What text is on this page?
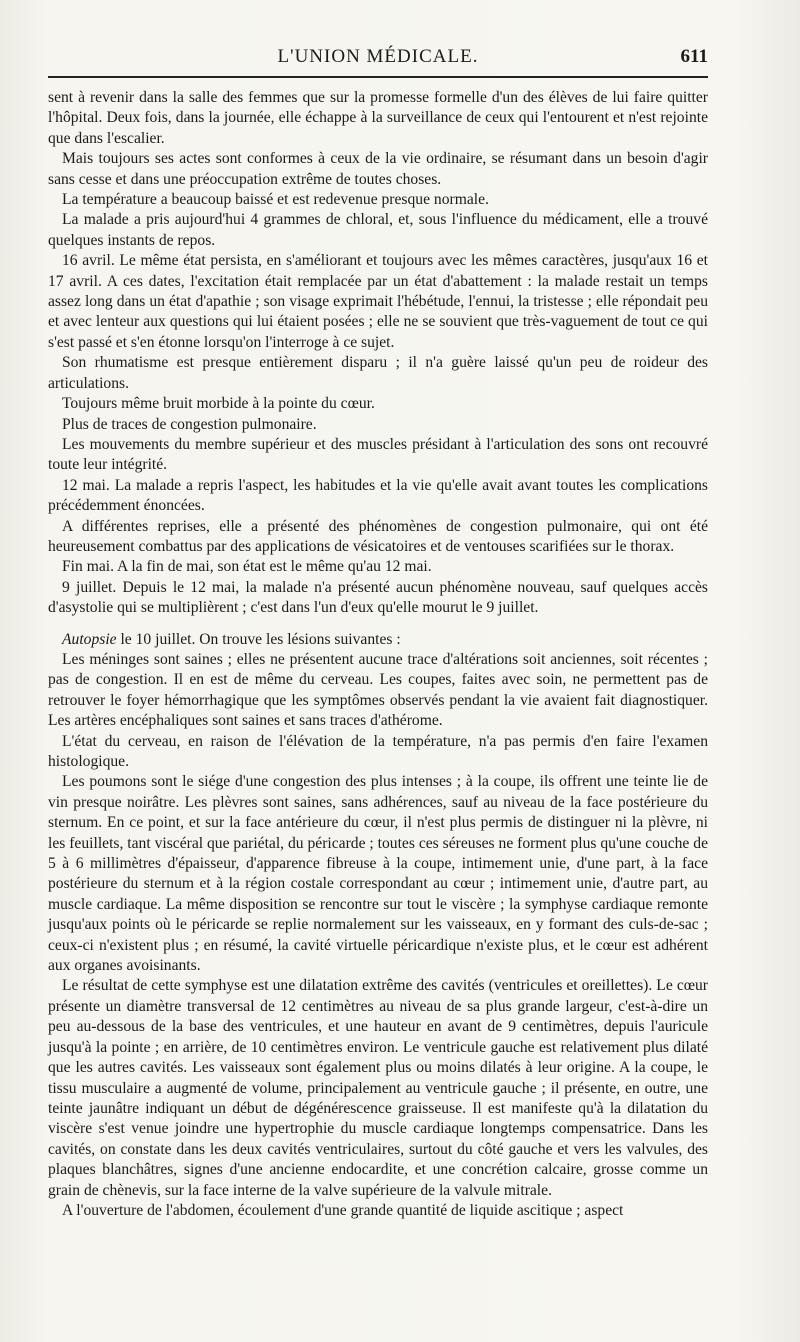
L'UNION MÉDICALE.	611

sent à revenir dans la salle des femmes que sur la promesse formelle d'un des élèves de lui faire quitter l'hôpital. Deux fois, dans la journée, elle échappe à la surveillance de ceux qui l'entourent et n'est rejointe que dans l'escalier.

Mais toujours ses actes sont conformes à ceux de la vie ordinaire, se résumant dans un besoin d'agir sans cesse et dans une préoccupation extrême de toutes choses.

La température a beaucoup baissé et est redevenue presque normale.

La malade a pris aujourd'hui 4 grammes de chloral, et, sous l'influence du médicament, elle a trouvé quelques instants de repos.

16 avril. Le même état persista, en s'améliorant et toujours avec les mêmes caractères, jusqu'aux 16 et 17 avril. A ces dates, l'excitation était remplacée par un état d'abattement : la malade restait un temps assez long dans un état d'apathie ; son visage exprimait l'hébétude, l'ennui, la tristesse ; elle répondait peu et avec lenteur aux questions qui lui étaient posées ; elle ne se souvient que très-vaguement de tout ce qui s'est passé et s'en étonne lorsqu'on l'interroge à ce sujet.

Son rhumatisme est presque entièrement disparu ; il n'a guère laissé qu'un peu de roideur des articulations.

Toujours même bruit morbide à la pointe du cœur.

Plus de traces de congestion pulmonaire.

Les mouvements du membre supérieur et des muscles présidant à l'articulation des sons ont recouvré toute leur intégrité.

12 mai. La malade a repris l'aspect, les habitudes et la vie qu'elle avait avant toutes les complications précédemment énoncées.

A différentes reprises, elle a présenté des phénomènes de congestion pulmonaire, qui ont été heureusement combattus par des applications de vésicatoires et de ventouses scarifiées sur le thorax.

Fin mai. A la fin de mai, son état est le même qu'au 12 mai.

9 juillet. Depuis le 12 mai, la malade n'a présenté aucun phénomène nouveau, sauf quelques accès d'asystolie qui se multiplièrent ; c'est dans l'un d'eux qu'elle mourut le 9 juillet.

Autopsie le 10 juillet. On trouve les lésions suivantes :

Les méninges sont saines ; elles ne présentent aucune trace d'altérations soit anciennes, soit récentes ; pas de congestion. Il en est de même du cerveau. Les coupes, faites avec soin, ne permettent pas de retrouver le foyer hémorrhagique que les symptômes observés pendant la vie avaient fait diagnostiquer. Les artères encéphaliques sont saines et sans traces d'athérome.

L'état du cerveau, en raison de l'élévation de la température, n'a pas permis d'en faire l'examen histologique.

Les poumons sont le siége d'une congestion des plus intenses ; à la coupe, ils offrent une teinte lie de vin presque noirâtre. Les plèvres sont saines, sans adhérences, sauf au niveau de la face postérieure du sternum. En ce point, et sur la face antérieure du cœur, il n'est plus permis de distinguer ni la plèvre, ni les feuillets, tant viscéral que pariétal, du péricarde ; toutes ces séreuses ne forment plus qu'une couche de 5 à 6 millimètres d'épaisseur, d'apparence fibreuse à la coupe, intimement unie, d'une part, à la face postérieure du sternum et à la région costale correspondant au cœur ; intimement unie, d'autre part, au muscle cardiaque. La même disposition se rencontre sur tout le viscère ; la symphyse cardiaque remonte jusqu'aux points où le péricarde se replie normalement sur les vaisseaux, en y formant des culs-de-sac ; ceux-ci n'existent plus ; en résumé, la cavité virtuelle péricardique n'existe plus, et le cœur est adhérent aux organes avoisinants.

Le résultat de cette symphyse est une dilatation extrême des cavités (ventricules et oreillettes). Le cœur présente un diamètre transversal de 12 centimètres au niveau de sa plus grande largeur, c'est-à-dire un peu au-dessous de la base des ventricules, et une hauteur en avant de 9 centimètres, depuis l'auricule jusqu'à la pointe ; en arrière, de 10 centimètres environ. Le ventricule gauche est relativement plus dilaté que les autres cavités. Les vaisseaux sont également plus ou moins dilatés à leur origine. A la coupe, le tissu musculaire a augmenté de volume, principalement au ventricule gauche ; il présente, en outre, une teinte jaunâtre indiquant un début de dégénérescence graisseuse. Il est manifeste qu'à la dilatation du viscère s'est venue joindre une hypertrophie du muscle cardiaque longtemps compensatrice. Dans les cavités, on constate dans les deux cavités ventriculaires, surtout du côté gauche et vers les valvules, des plaques blanchâtres, signes d'une ancienne endocardite, et une concrétion calcaire, grosse comme un grain de chènevis, sur la face interne de la valve supérieure de la valvule mitrale.

A l'ouverture de l'abdomen, écoulement d'une grande quantité de liquide ascitique ; aspect
